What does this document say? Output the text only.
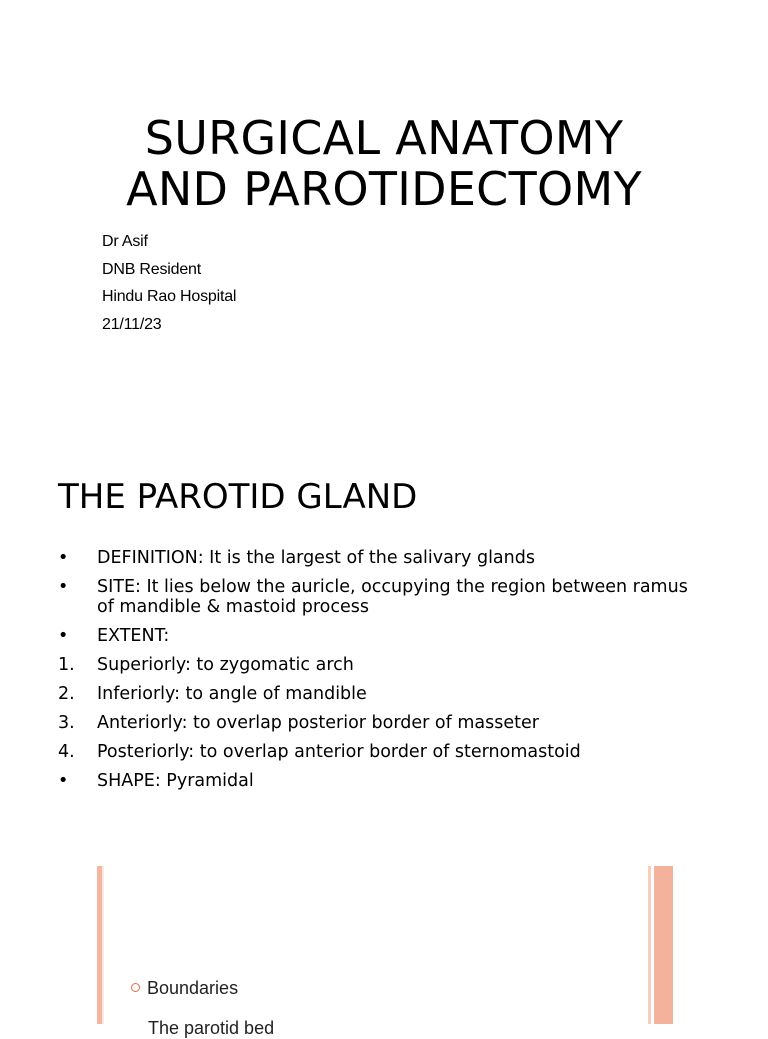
SURGICAL ANATOMY
AND PAROTIDECTOMY
Dr Asif
DNB Resident
Hindu Rao Hospital
21/11/23
THE PAROTID GLAND
•	DEFINITION: It is the largest of the salivary glands
•	SITE: It lies below the auricle, occupying the region between ramus of mandible & mastoid process
•	EXTENT:
1.	Superiorly: to zygomatic arch
2.	Inferiorly: to angle of mandible
3.	Anteriorly: to overlap posterior border of masseter
4.	Posteriorly: to overlap anterior border of sternomastoid
•	SHAPE: Pyramidal
Boundaries
The parotid bed
